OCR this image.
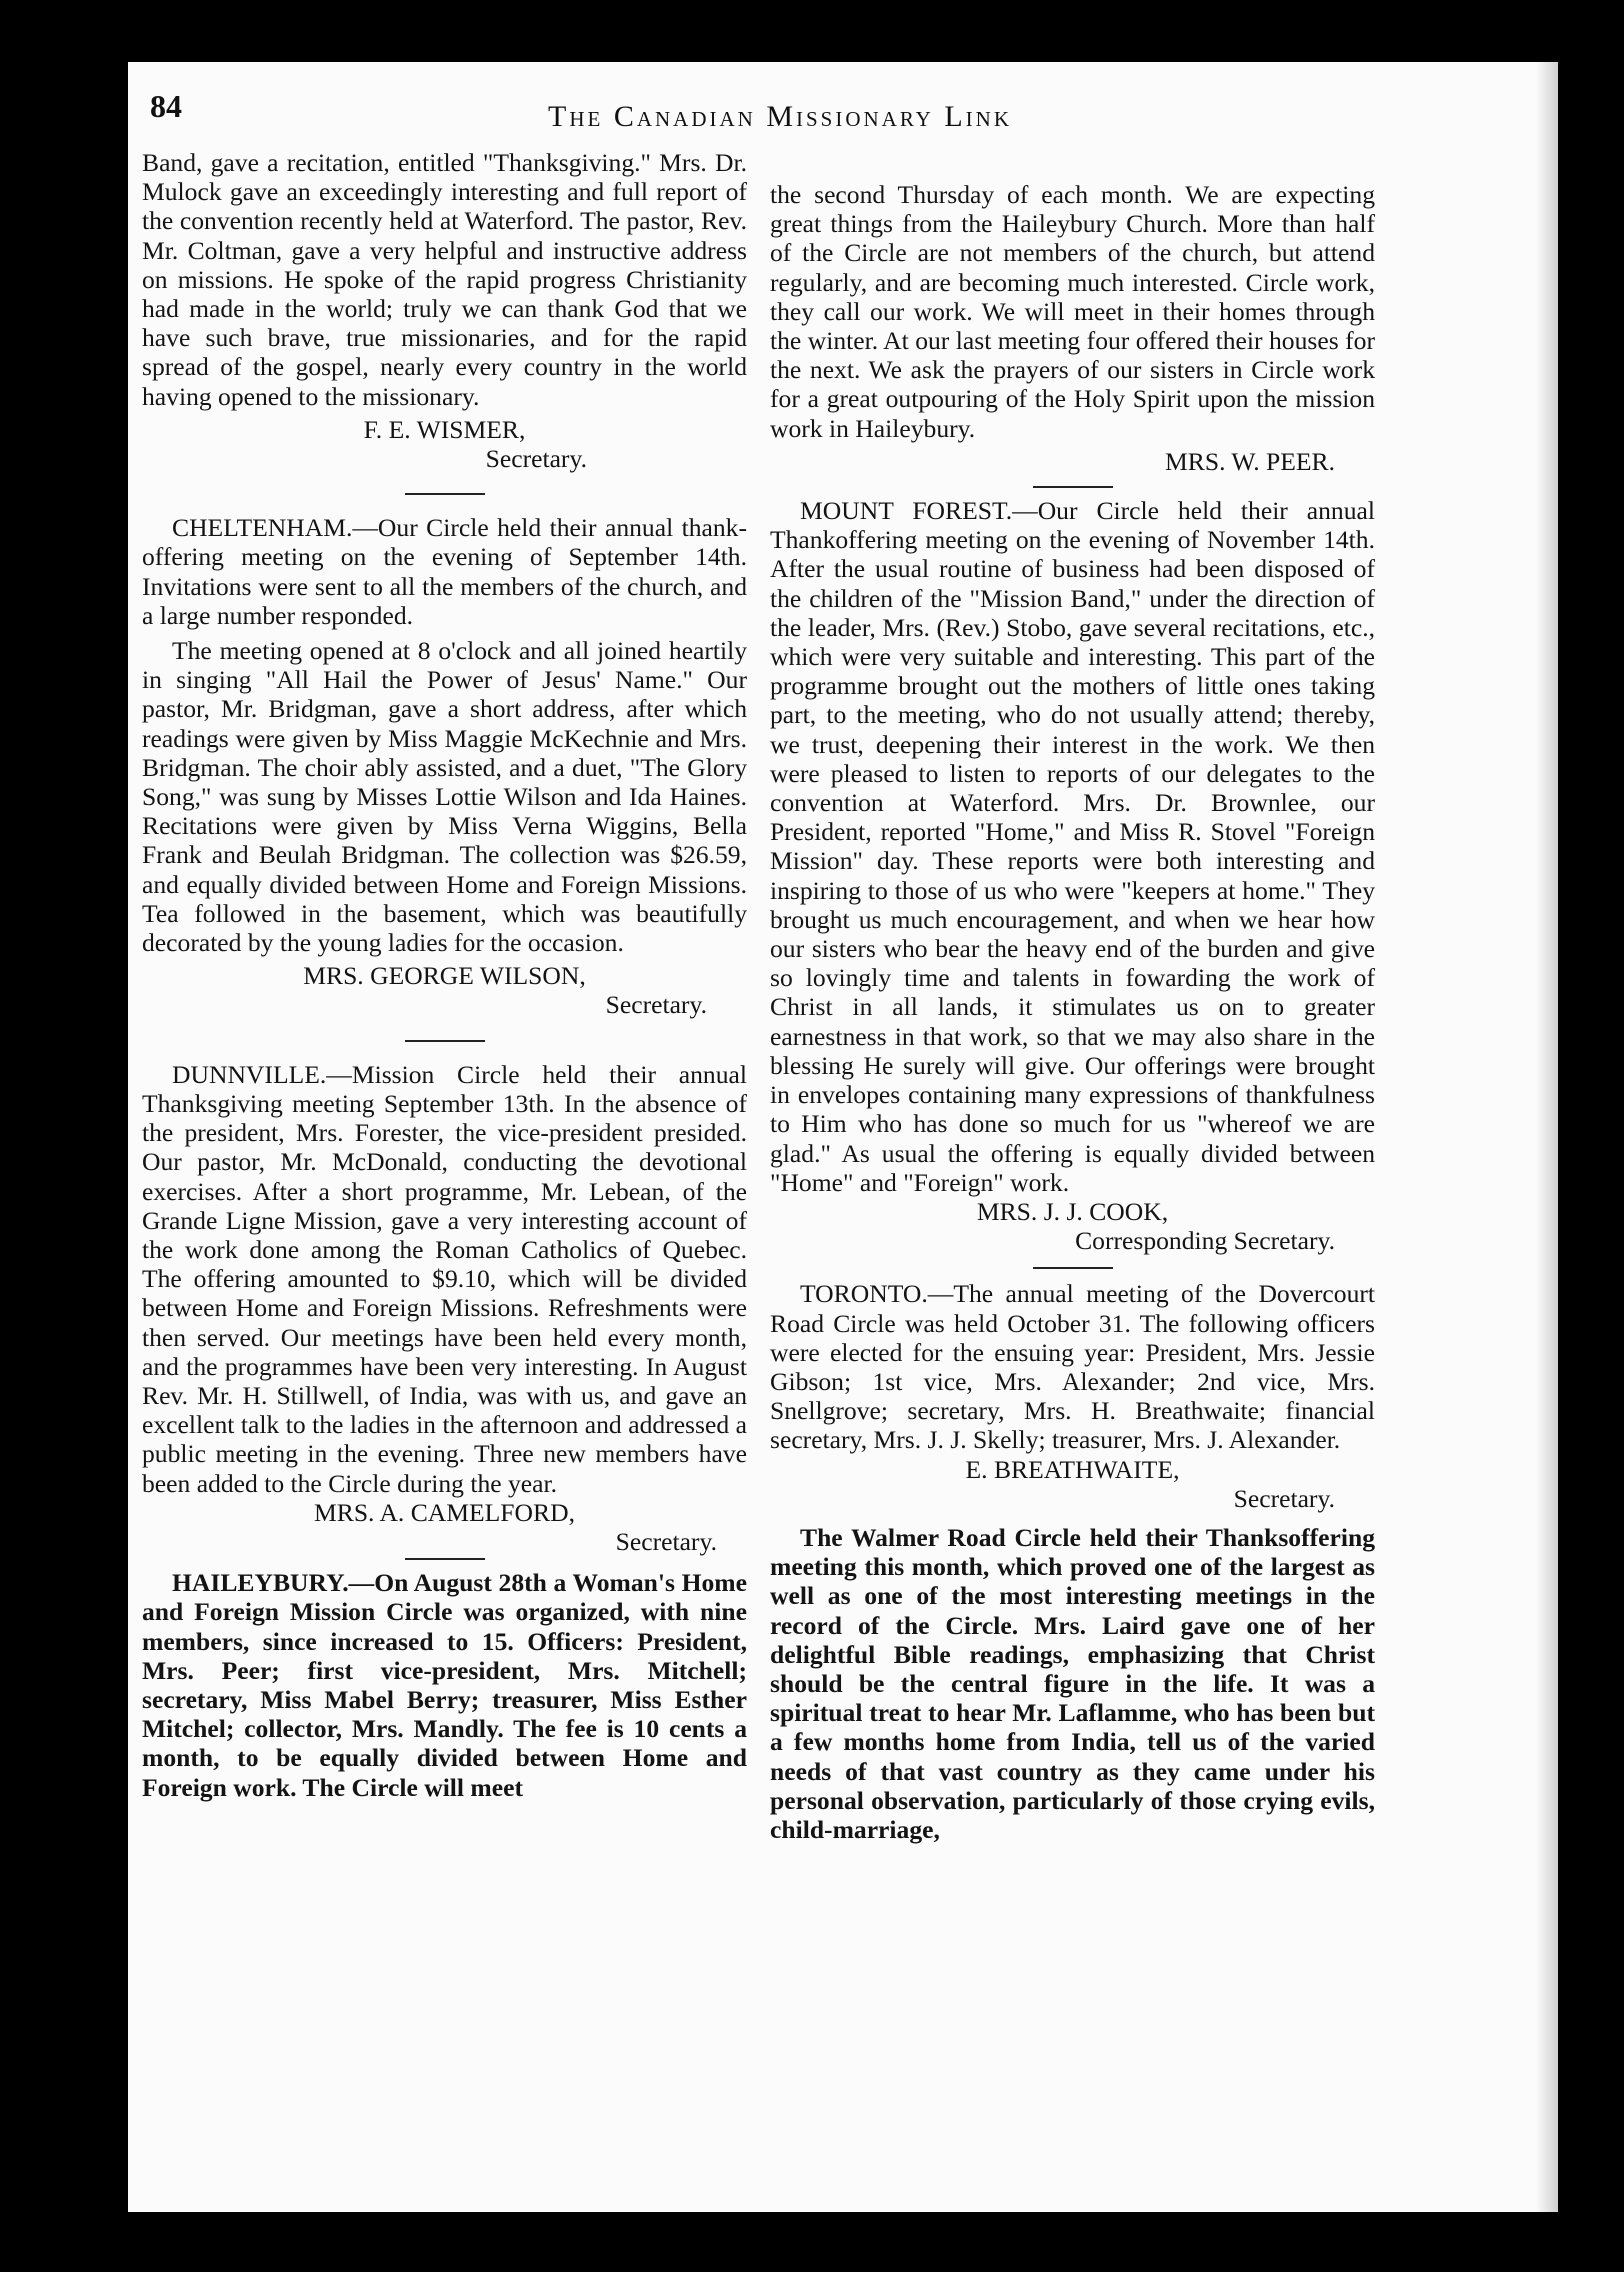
84	The Canadian Missionary Link

Band, gave a recitation, entitled "Thanksgiving." Mrs. Dr. Mulock gave an exceedingly interesting and full report of the convention recently held at Waterford. The pastor, Rev. Mr. Coltman, gave a very helpful and instructive address on missions. He spoke of the rapid progress Christianity had made in the world; truly we can thank God that we have such brave, true missionaries, and for the rapid spread of the gospel, nearly every country in the world having opened to the missionary.

F. E. WISMER,

Secretary.

CHELTENHAM.—Our Circle held their annual thank-offering meeting on the evening of September 14th. Invitations were sent to all the members of the church, and a large number responded.

The meeting opened at 8 o'clock and all joined heartily in singing "All Hail the Power of Jesus' Name." Our pastor, Mr. Bridgman, gave a short address, after which readings were given by Miss Maggie McKechnie and Mrs. Bridgman. The choir ably assisted, and a duet, "The Glory Song," was sung by Misses Lottie Wilson and Ida Haines. Recitations were given by Miss Verna Wiggins, Bella Frank and Beulah Bridgman. The collection was $26.59, and equally divided between Home and Foreign Missions. Tea followed in the basement, which was beautifully decorated by the young ladies for the occasion.

MRS. GEORGE WILSON,

Secretary.

DUNNVILLE.—Mission Circle held their annual Thanksgiving meeting September 13th. In the absence of the president, Mrs. Forester, the vice-president presided. Our pastor, Mr. McDonald, conducting the devotional exercises. After a short programme, Mr. Lebean, of the Grande Ligne Mission, gave a very interesting account of the work done among the Roman Catholics of Quebec. The offering amounted to $9.10, which will be divided between Home and Foreign Missions. Refreshments were then served. Our meetings have been held every month, and the programmes have been very interesting. In August Rev. Mr. H. Stillwell, of India, was with us, and gave an excellent talk to the ladies in the afternoon and addressed a public meeting in the evening. Three new members have been added to the Circle during the year.

MRS. A. CAMELFORD,

Secretary.

HAILEYBURY.—On August 28th a Woman's Home and Foreign Mission Circle was organized, with nine members, since increased to 15. Officers: President, Mrs. Peer; first vice-president, Mrs. Mitchell; secretary, Miss Mabel Berry; treasurer, Miss Esther Mitchel; collector, Mrs. Mandly. The fee is 10 cents a month, to be equally divided between Home and Foreign work. The Circle will meet

the second Thursday of each month. We are expecting great things from the Haileybury Church. More than half of the Circle are not members of the church, but attend regularly, and are becoming much interested. Circle work, they call our work. We will meet in their homes through the winter. At our last meeting four offered their houses for the next. We ask the prayers of our sisters in Circle work for a great outpouring of the Holy Spirit upon the mission work in Haileybury.

MRS. W. PEER.

MOUNT FOREST.—Our Circle held their annual Thankoffering meeting on the evening of November 14th. After the usual routine of business had been disposed of the children of the "Mission Band," under the direction of the leader, Mrs. (Rev.) Stobo, gave several recitations, etc., which were very suitable and interesting. This part of the programme brought out the mothers of little ones taking part, to the meeting, who do not usually attend; thereby, we trust, deepening their interest in the work. We then were pleased to listen to reports of our delegates to the convention at Waterford. Mrs. Dr. Brownlee, our President, reported "Home," and Miss R. Stovel "Foreign Mission" day. These reports were both interesting and inspiring to those of us who were "keepers at home." They brought us much encouragement, and when we hear how our sisters who bear the heavy end of the burden and give so lovingly time and talents in fowarding the work of Christ in all lands, it stimulates us on to greater earnestness in that work, so that we may also share in the blessing He surely will give. Our offerings were brought in envelopes containing many expressions of thankfulness to Him who has done so much for us "whereof we are glad." As usual the offering is equally divided between "Home" and "Foreign" work.

MRS. J. J. COOK,

Corresponding Secretary.

TORONTO.—The annual meeting of the Dovercourt Road Circle was held October 31. The following officers were elected for the ensuing year: President, Mrs. Jessie Gibson; 1st vice, Mrs. Alexander; 2nd vice, Mrs. Snellgrove; secretary, Mrs. H. Breathwaite; financial secretary, Mrs. J. J. Skelly; treasurer, Mrs. J. Alexander.

E. BREATHWAITE,

Secretary.

The Walmer Road Circle held their Thanksoffering meeting this month, which proved one of the largest as well as one of the most interesting meetings in the record of the Circle. Mrs. Laird gave one of her delightful Bible readings, emphasizing that Christ should be the central figure in the life. It was a spiritual treat to hear Mr. Laflamme, who has been but a few months home from India, tell us of the varied needs of that vast country as they came under his personal observation, particularly of those crying evils, child-marriage,
